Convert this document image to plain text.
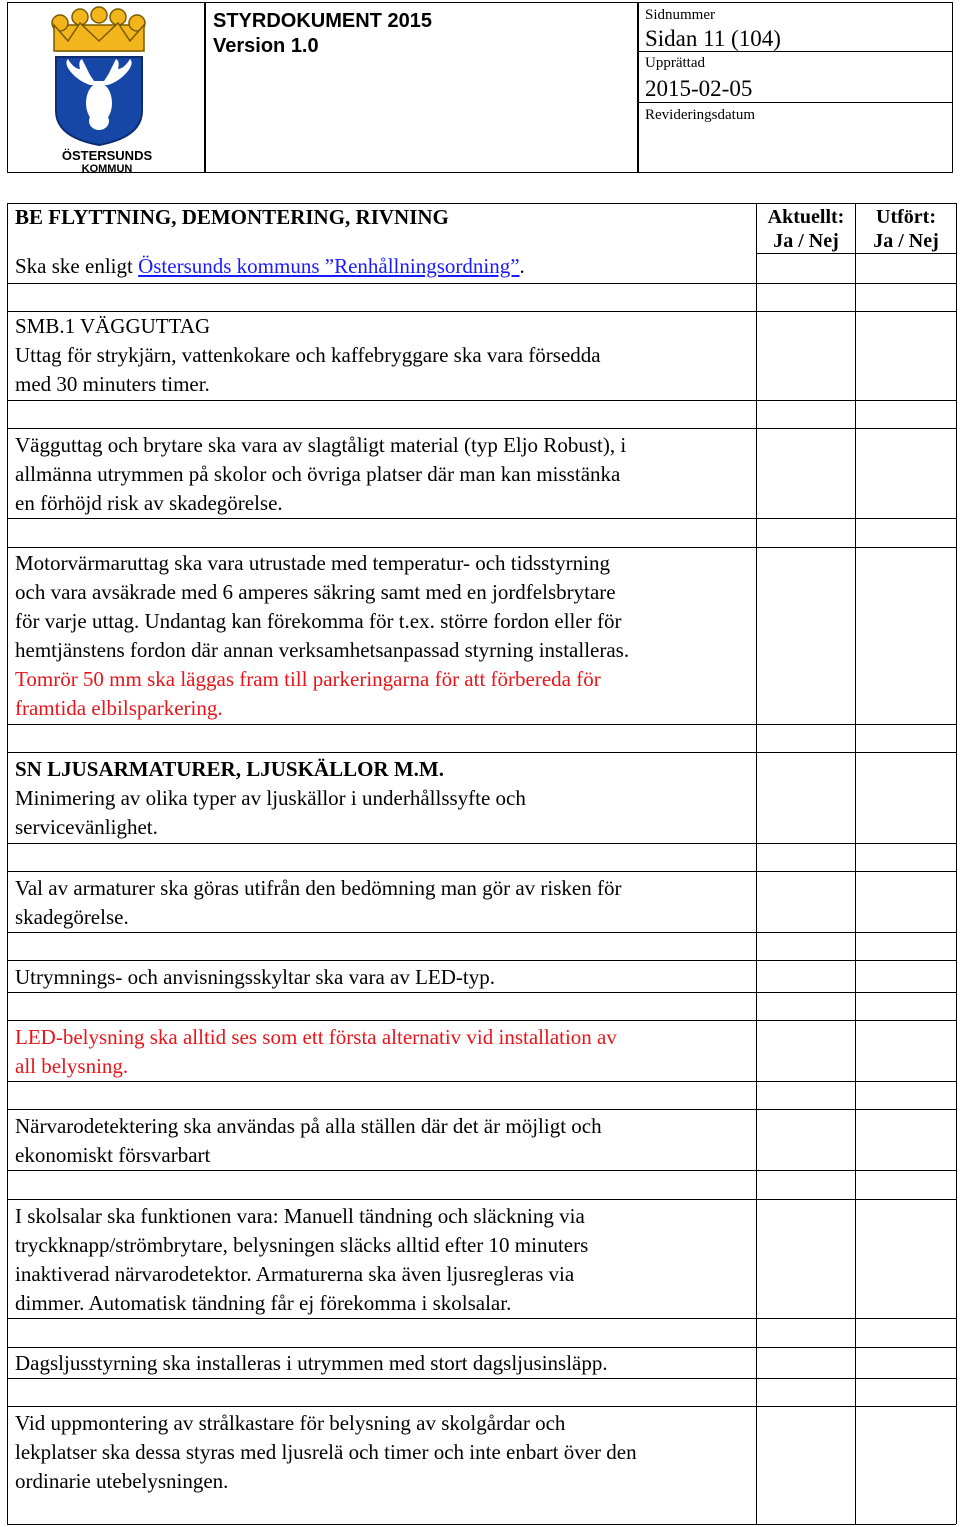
ÖSTERSUNDS
KOMMUN
STYRDOKUMENT 2015
Version 1.0
Sidnummer
Sidan 11 (104)
Upprättad
2015-02-05
Revideringsdatum
Aktuellt:
Ja / Nej
Utfört:
Ja / Nej
BE FLYTTNING, DEMONTERING, RIVNING
Ska ske enligt Östersunds kommuns ”Renhållningsordning”.
SMB.1 VÄGGUTTAG
Uttag för strykjärn, vattenkokare och kaffebryggare ska vara försedda
med 30 minuters timer.
Vägguttag och brytare ska vara av slagtåligt material (typ Eljo Robust), i
allmänna utrymmen på skolor och övriga platser där man kan misstänka
en förhöjd risk av skadegörelse.
Motorvärmaruttag ska vara utrustade med temperatur- och tidsstyrning
och vara avsäkrade med 6 amperes säkring samt med en jordfelsbrytare
för varje uttag. Undantag kan förekomma för t.ex. större fordon eller för
hemtjänstens fordon där annan verksamhetsanpassad styrning installeras.
Tomrör 50 mm ska läggas fram till parkeringarna för att förbereda för
framtida elbilsparkering.
SN LJUSARMATURER, LJUSKÄLLOR M.M.
Minimering av olika typer av ljuskällor i underhållssyfte och
servicevänlighet.
Val av armaturer ska göras utifrån den bedömning man gör av risken för
skadegörelse.
Utrymnings- och anvisningsskyltar ska vara av LED-typ.
LED-belysning ska alltid ses som ett första alternativ vid installation av
all belysning.
Närvarodetektering ska användas på alla ställen där det är möjligt och
ekonomiskt försvarbart
I skolsalar ska funktionen vara: Manuell tändning och släckning via
tryckknapp/strömbrytare, belysningen släcks alltid efter 10 minuters
inaktiverad närvarodetektor. Armaturerna ska även ljusregleras via
dimmer. Automatisk tändning får ej förekomma i skolsalar.
Dagsljusstyrning ska installeras i utrymmen med stort dagsljusinsläpp.
Vid uppmontering av strålkastare för belysning av skolgårdar och
lekplatser ska dessa styras med ljusrelä och timer och inte enbart över den
ordinarie utebelysningen.
